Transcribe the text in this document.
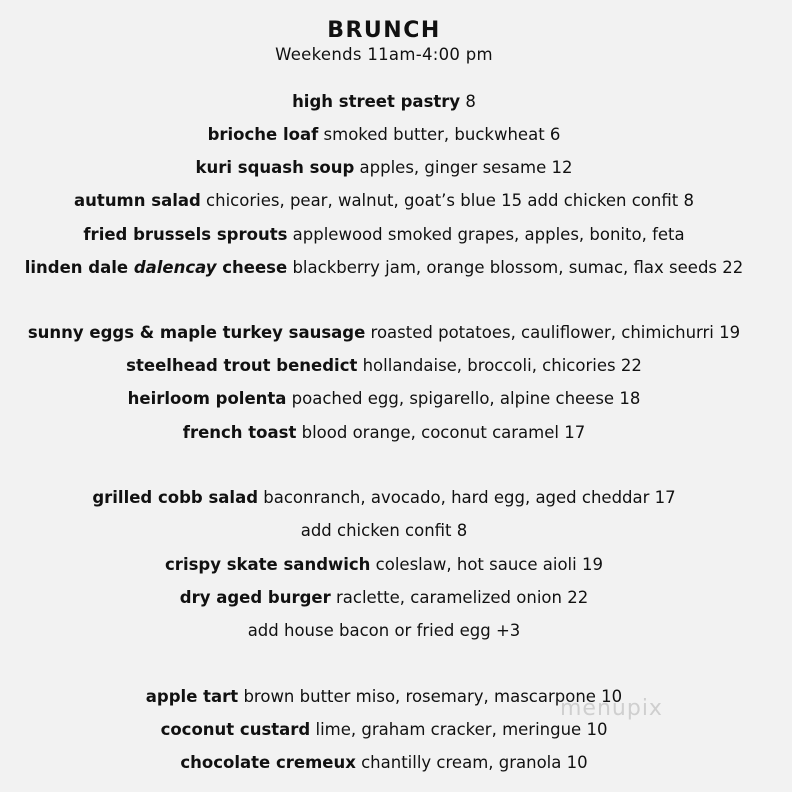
BRUNCH
Weekends 11am-4:00 pm
high street pastry 8
brioche loaf smoked butter, buckwheat 6
kuri squash soup apples, ginger sesame 12
autumn salad chicories, pear, walnut, goat’s blue 15 add chicken confit 8
fried brussels sprouts applewood smoked grapes, apples, bonito, feta
linden dale dalencay cheese blackberry jam, orange blossom, sumac, flax seeds 22
sunny eggs & maple turkey sausage roasted potatoes, cauliflower, chimichurri 19
steelhead trout benedict hollandaise, broccoli, chicories 22
heirloom polenta poached egg, spigarello, alpine cheese 18
french toast blood orange, coconut caramel 17
grilled cobb salad baconranch, avocado, hard egg, aged cheddar 17
add chicken confit 8
crispy skate sandwich coleslaw, hot sauce aioli 19
dry aged burger raclette, caramelized onion 22
add house bacon or fried egg +3
apple tart brown butter miso, rosemary, mascarpone 10
coconut custard lime, graham cracker, meringue 10
chocolate cremeux chantilly cream, granola 10
menupix
